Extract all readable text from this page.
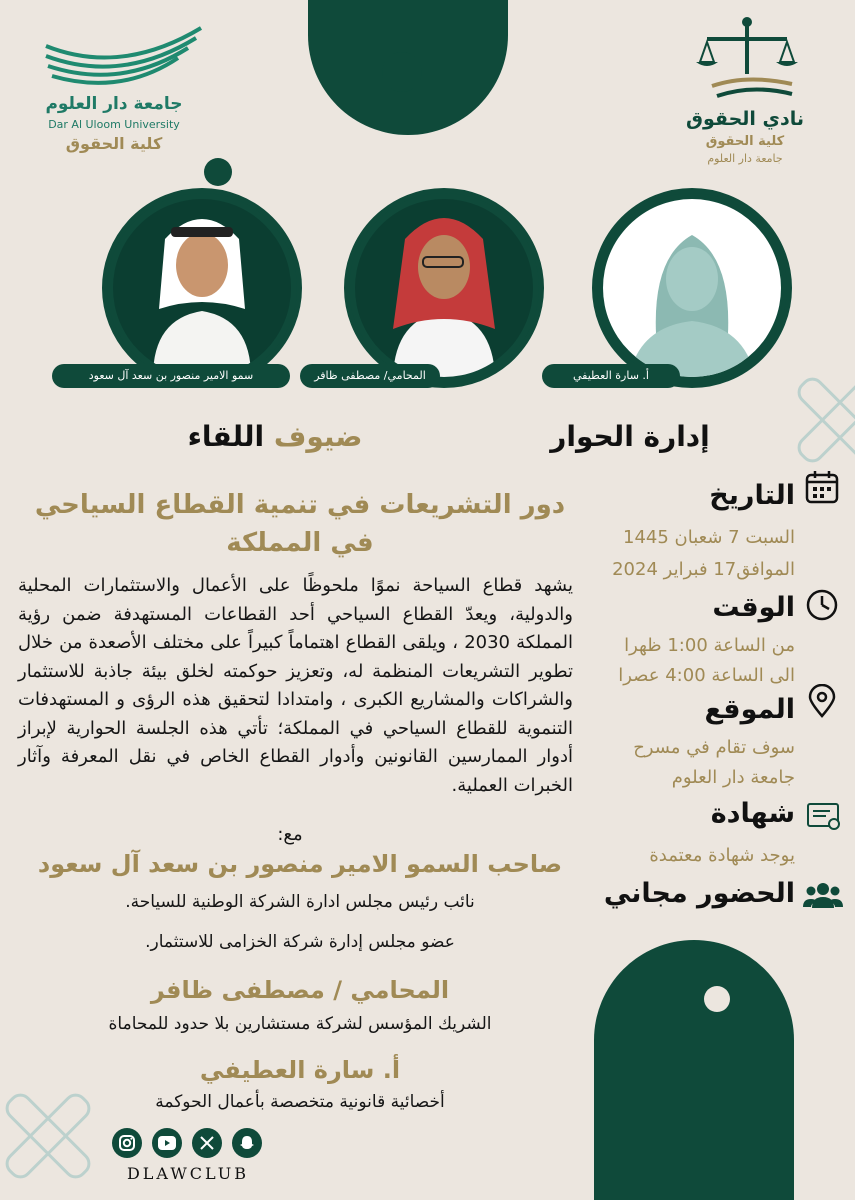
جامعة دار العلوم
Dar Al Uloom University
كلية الحقوق
نادي الحقوق
كلية الحقوق
جامعة دار العلوم
سمو الامير منصور بن سعد آل سعود	المحامي/ مصطفى ظافر	أ. سارة العطيفي
ضيوف اللقاء	إدارة الحوار
دور التشريعات في تنمية القطاع السياحي في المملكة
يشهد قطاع السياحة نموًا ملحوظًا على الأعمال والاستثمارات المحلية والدولية، ويعدّ القطاع السياحي أحد القطاعات المستهدفة ضمن رؤية المملكة 2030 ، ويلقى القطاع اهتماماً كبيراً على مختلف الأصعدة من خلال تطوير التشريعات المنظمة له، وتعزيز حوكمته لخلق بيئة جاذبة للاستثمار والشراكات والمشاريع الكبرى ، وامتدادا لتحقيق هذه الرؤى و المستهدفات التنموية للقطاع السياحي في المملكة؛ تأتي هذه الجلسة الحوارية لإبراز أدوار الممارسين القانونين وأدوار القطاع الخاص في نقل المعرفة وآثار الخبرات العملية.
مع:
صاحب السمو الامير منصور بن سعد آل سعود
نائب رئيس مجلس ادارة الشركة الوطنية للسياحة.
عضو مجلس إدارة شركة الخزامى للاستثمار.
المحامي / مصطفى ظافر
الشريك المؤسس لشركة مستشارين بلا حدود للمحاماة
أ. سارة العطيفي
أخصائية قانونية متخصصة بأعمال الحوكمة
التاريخ
السبت 7 شعبان 1445
الموافق17 فبراير 2024
الوقت
من الساعة 1:00 ظهرا
الى الساعة 4:00 عصرا
الموقع
سوف تقام في مسرح
جامعة دار العلوم
شهادة
يوجد شهادة معتمدة
الحضور مجاني
DLAWCLUB
